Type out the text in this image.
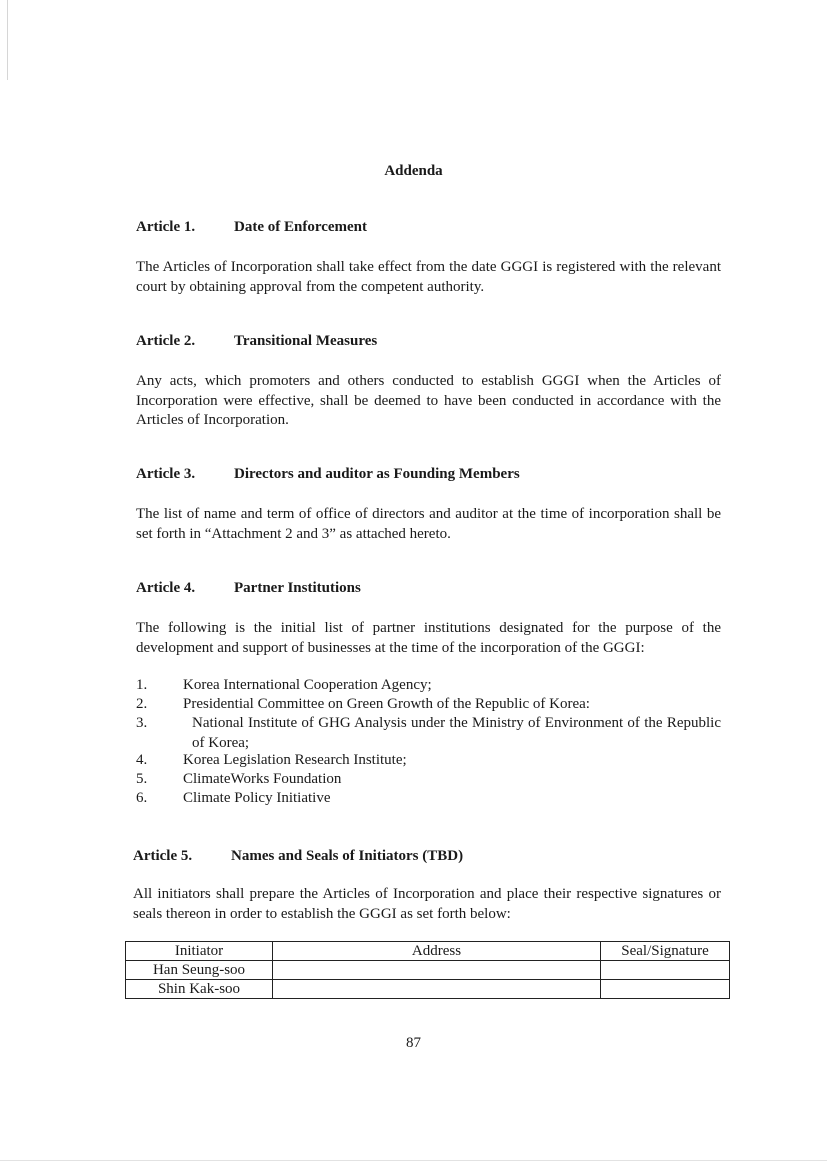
Addenda
Article 1.	Date of Enforcement
The Articles of Incorporation shall take effect from the date GGGI is registered with the relevant court by obtaining approval from the competent authority.
Article 2.	Transitional Measures
Any acts, which promoters and others conducted to establish GGGI when the Articles of Incorporation were effective, shall be deemed to have been conducted in accordance with the Articles of Incorporation.
Article 3.	Directors and auditor as Founding Members
The list of name and term of office of directors and auditor at the time of incorporation shall be set forth in “Attachment 2 and 3” as attached hereto.
Article 4.	Partner Institutions
The following is the initial list of partner institutions designated for the purpose of the development and support of businesses at the time of the incorporation of the GGGI:
1. Korea International Cooperation Agency;
2. Presidential Committee on Green Growth of the Republic of Korea:
3.	National Institute of GHG Analysis under the Ministry of Environment of the Republic of Korea;
4. Korea Legislation Research Institute;
5. ClimateWorks Foundation
6. Climate Policy Initiative
Article 5.	Names and Seals of Initiators (TBD)
All initiators shall prepare the Articles of Incorporation and place their respective signatures or seals thereon in order to establish the GGGI as set forth below:
Initiator	Address	Seal/Signature
Han Seung-soo		
Shin Kak-soo		
87
